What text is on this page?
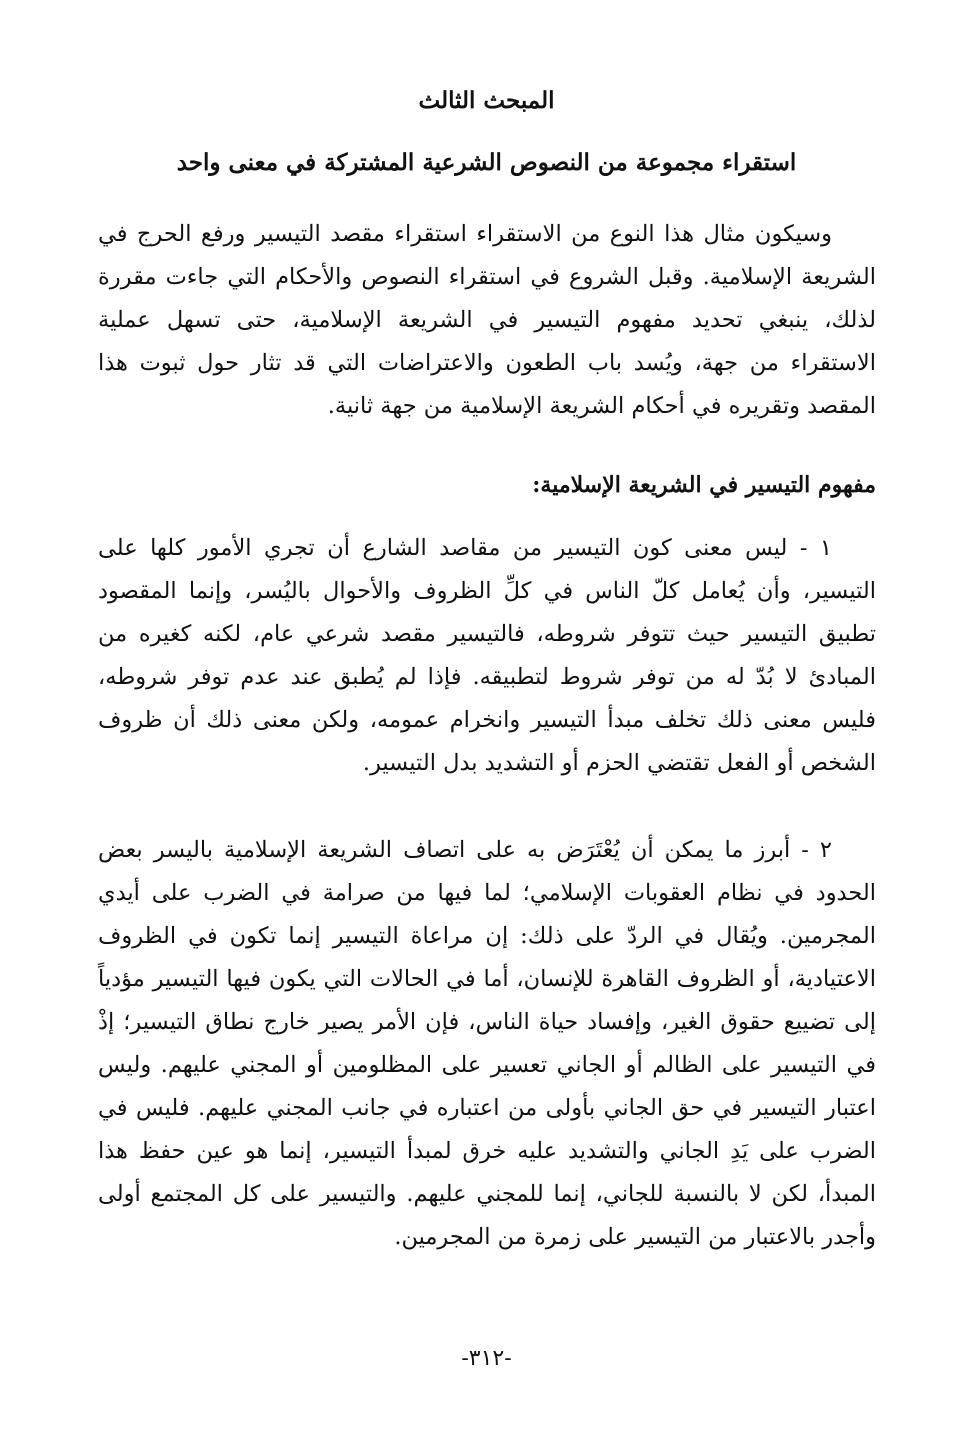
المبحث الثالث
استقراء مجموعة من النصوص الشرعية المشتركة في معنى واحد

وسيكون مثال هذا النوع من الاستقراء استقراء مقصد التيسير ورفع الحرج في الشريعة الإسلامية. وقبل الشروع في استقراء النصوص والأحكام التي جاءت مقررة لذلك، ينبغي تحديد مفهوم التيسير في الشريعة الإسلامية، حتى تسهل عملية الاستقراء من جهة، ويُسد باب الطعون والاعتراضات التي قد تثار حول ثبوت هذا المقصد وتقريره في أحكام الشريعة الإسلامية من جهة ثانية.

مفهوم التيسير في الشريعة الإسلامية:

١ - ليس معنى كون التيسير من مقاصد الشارع أن تجري الأمور كلها على التيسير، وأن يُعامل كلّ الناس في كلِّ الظروف والأحوال باليُسر، وإنما المقصود تطبيق التيسير حيث تتوفر شروطه، فالتيسير مقصد شرعي عام، لكنه كغيره من المبادئ لا بُدّ له من توفر شروط لتطبيقه. فإذا لم يُطبق عند عدم توفر شروطه، فليس معنى ذلك تخلف مبدأ التيسير وانخرام عمومه، ولكن معنى ذلك أن ظروف الشخص أو الفعل تقتضي الحزم أو التشديد بدل التيسير.

٢ - أبرز ما يمكن أن يُعْتَرَض به على اتصاف الشريعة الإسلامية باليسر بعض الحدود في نظام العقوبات الإسلامي؛ لما فيها من صرامة في الضرب على أيدي المجرمين. ويُقال في الردّ على ذلك: إن مراعاة التيسير إنما تكون في الظروف الاعتيادية، أو الظروف القاهرة للإنسان، أما في الحالات التي يكون فيها التيسير مؤدياً إلى تضييع حقوق الغير، وإفساد حياة الناس، فإن الأمر يصير خارج نطاق التيسير؛ إذْ في التيسير على الظالم أو الجاني تعسير على المظلومين أو المجني عليهم. وليس اعتبار التيسير في حق الجاني بأولى من اعتباره في جانب المجني عليهم. فليس في الضرب على يَدِ الجاني والتشديد عليه خرق لمبدأ التيسير، إنما هو عين حفظ هذا المبدأ، لكن لا بالنسبة للجاني، إنما للمجني عليهم. والتيسير على كل المجتمع أولى وأجدر بالاعتبار من التيسير على زمرة من المجرمين.

-٣١٢-
